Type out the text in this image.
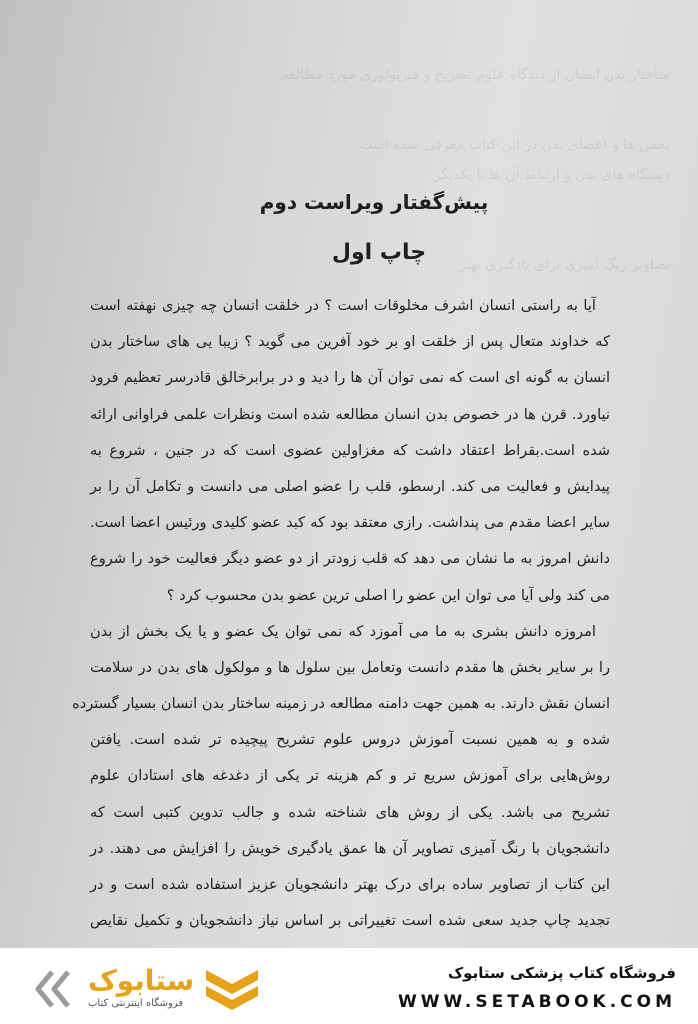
ساختار بدن انسان از دیدگاه علوم تشریح و فیزیولوژی مورد مطالعه
بخش ها و اعضای بدن در این کتاب معرفی شده است
دستگاه های بدن و ارتباط آن ها با یکدیگر
تصاویر رنگ آمیزی برای یادگیری بهتر
پیش‌گفتار ویراست دوم
چاپ اول
آیا به راستی انسان اشرف مخلوقات است ؟ در خلقت انسان چه چیزی نهفته است
که خداوند متعال پس از خلقت او بر خود آفرین می گوید ؟ زیبا یی های ساختار بدن
انسان به گونه ای است که نمی توان آن ها را دید و در برابرخالق قادرسر تعظیم فرود
نیاورد. قرن ها در خصوص بدن انسان مطالعه شده است ونظرات علمی فراوانی ارائه
شده است.بقراط اعتقاد داشت که مغزاولین عضوی است که در جنین ، شروع به
پیدایش و فعالیت می کند. ارسطو، قلب را عضو اصلی می دانست و تکامل آن را بر
سایر اعضا مقدم می پنداشت. رازی معتقد بود که کبد عضو کلیدی ورئیس اعضا است.
دانش امروز به ما نشان می دهد که قلب زودتر از دو عضو دیگر فعالیت خود را شروع
می کند ولی آیا می توان این عضو را اصلی ترین عضو بدن محسوب کرد ؟
امروزه دانش بشری به ما می آموزد که نمی توان یک عضو و یا یک بخش از بدن
را بر سایر بخش ها مقدم دانست وتعامل بین سلول ها و مولکول های بدن در سلامت
انسان نقش دارند. به همین جهت دامنه مطالعه در زمینه ساختار بدن انسان بسیار گسترده
شده و به همین نسبت آموزش دروس علوم تشریح پیچیده تر شده است. یافتن
روش‌هایی برای آموزش سریع تر و کم هزینه تر یکی از دغدغه های استادان علوم
تشریح می باشد. یکی از روش های شناخته شده و جالب تدوین کتبی است که
دانشجویان با رنگ آمیزی تصاویر آن ها عمق یادگیری خویش را افزایش می دهند. در
این کتاب از تصاویر ساده برای درک بهتر دانشجویان عزیز استفاده شده است و در
تجدید چاپ جدید سعی شده است تغییراتی بر اساس نیاز دانشجویان و تکمیل نقایص
ستابوک
فروشگاه اینترنتی کتاب
فروشگاه کتاب پزشکی ستابوک
WWW.SETABOOK.COM
